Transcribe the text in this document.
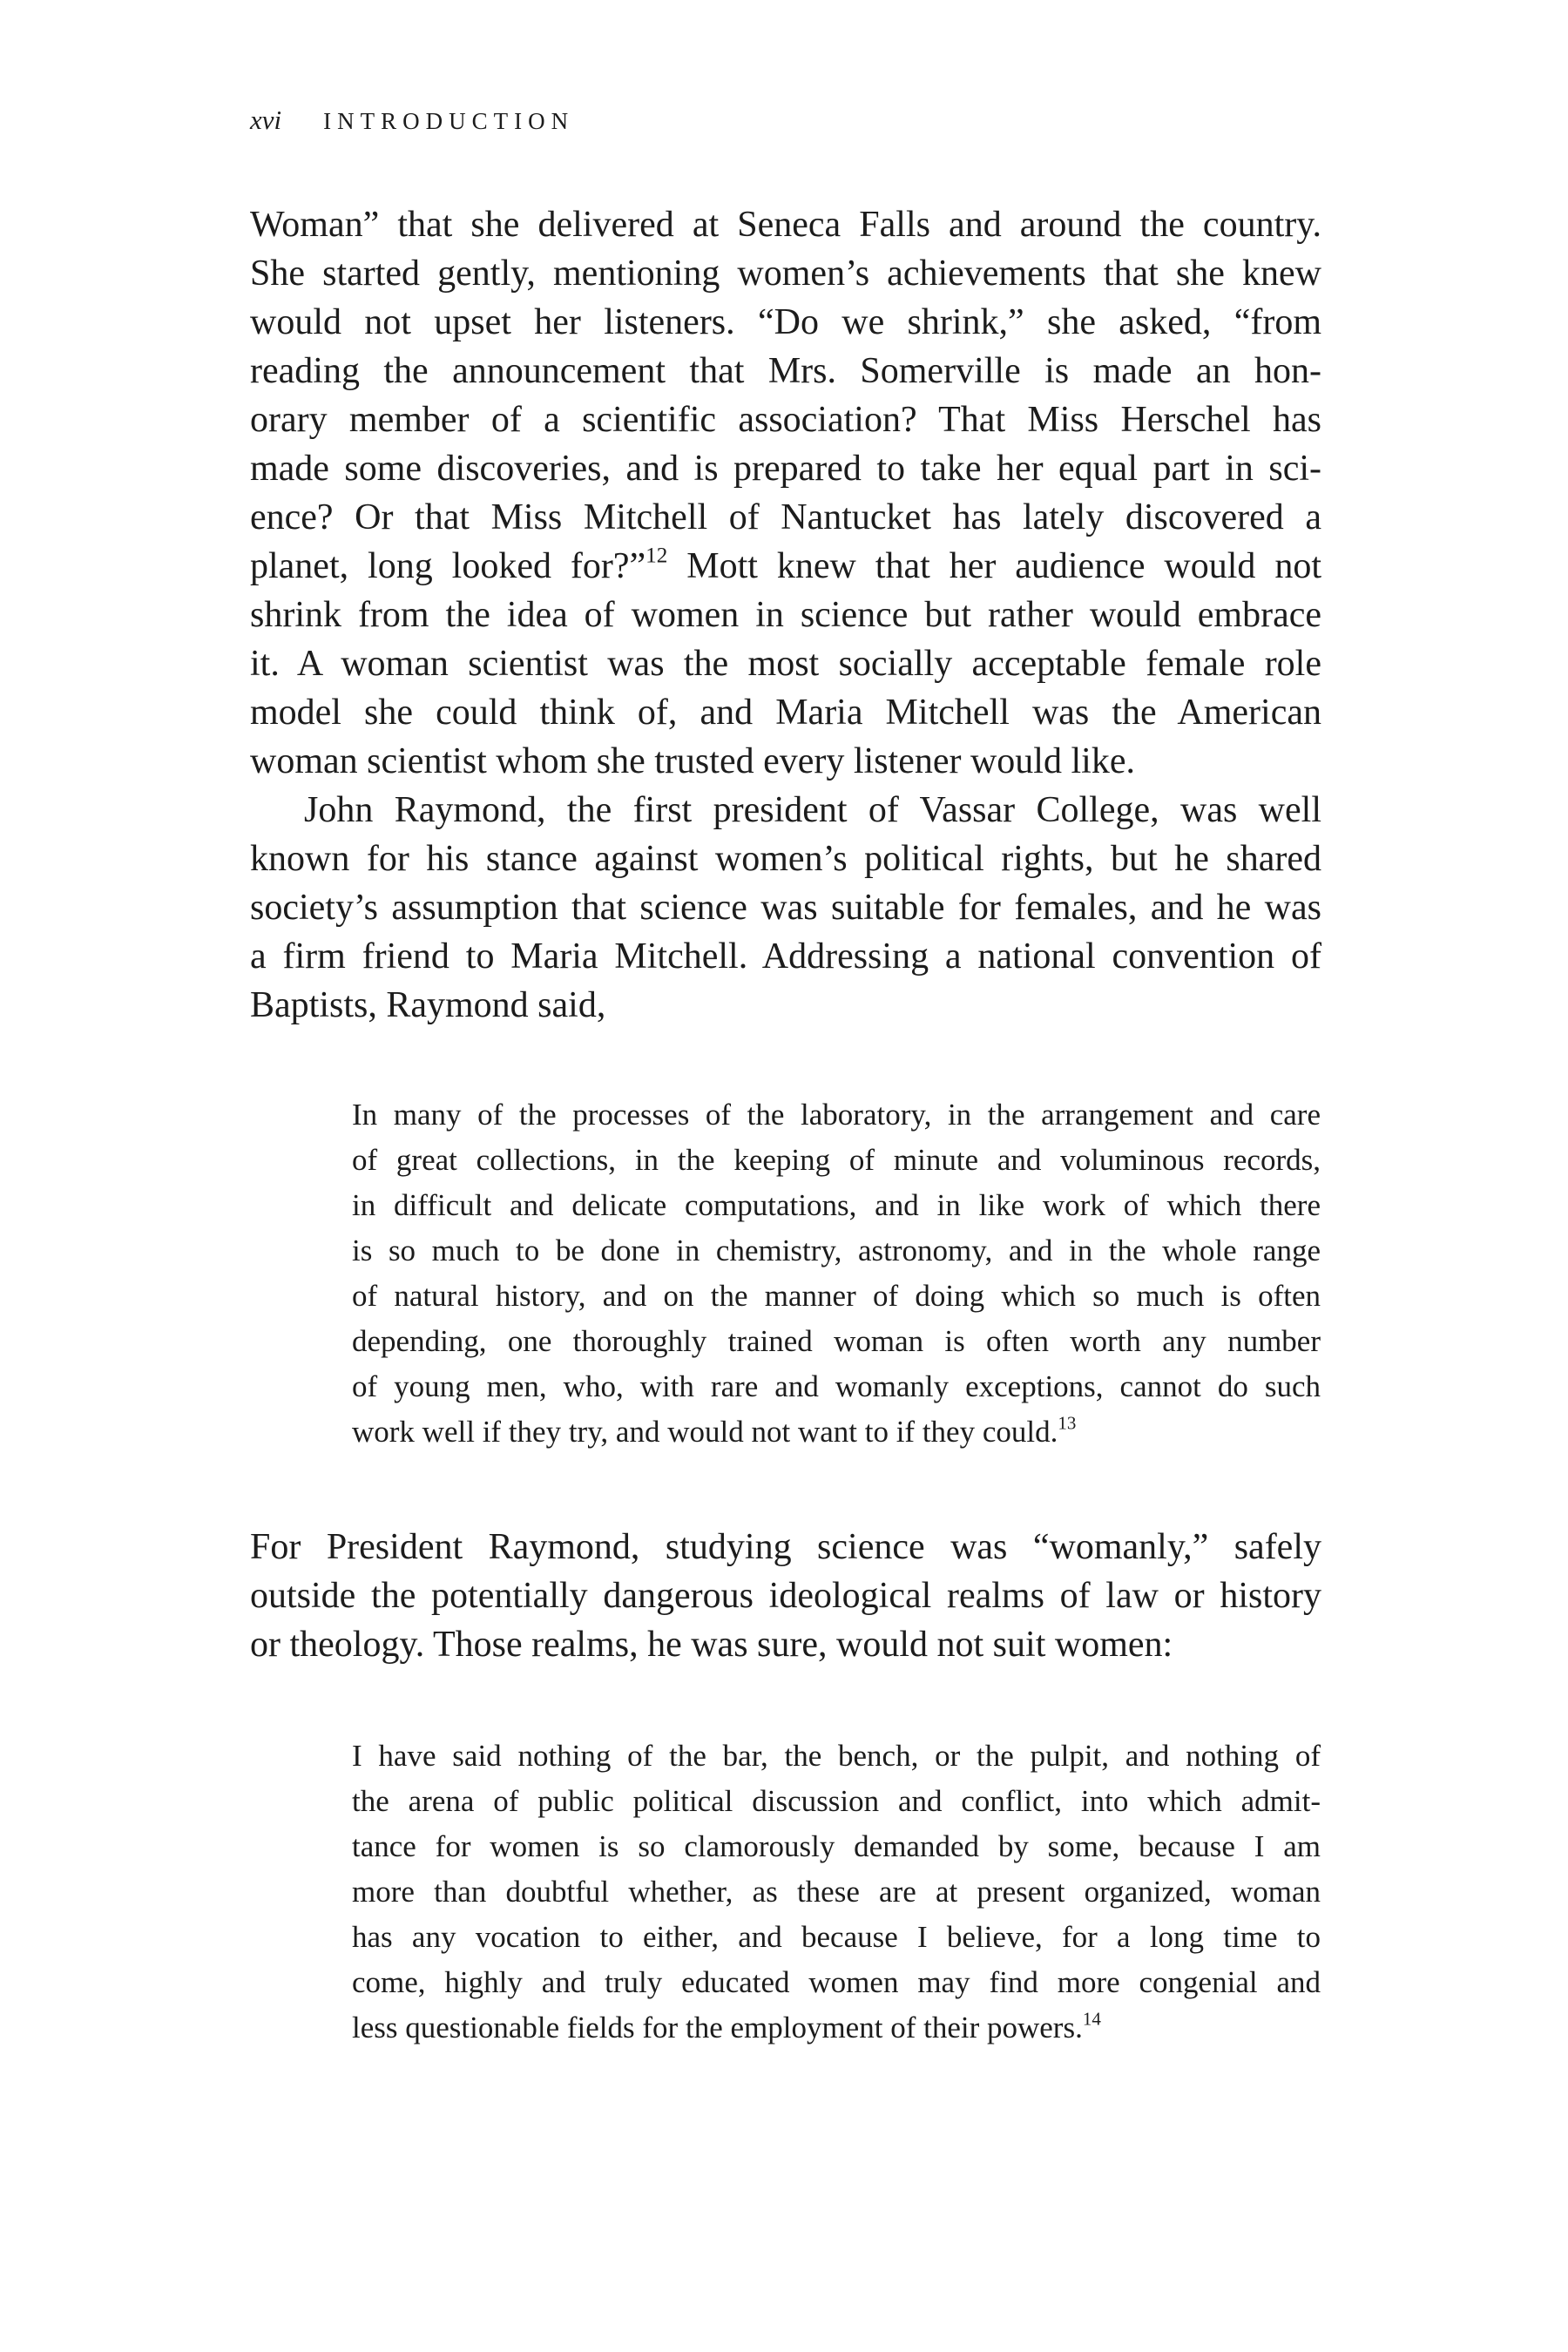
xvi INTRODUCTION
Woman” that she delivered at Seneca Falls and around the country.
She started gently, mentioning women’s achievements that she knew
would not upset her listeners. “Do we shrink,” she asked, “from
reading the announcement that Mrs. Somerville is made an hon-
orary member of a scientific association? That Miss Herschel has
made some discoveries, and is prepared to take her equal part in sci-
ence? Or that Miss Mitchell of Nantucket has lately discovered a
planet, long looked for?”$^{12}$ Mott knew that her audience would not
shrink from the idea of women in science but rather would embrace
it. A woman scientist was the most socially acceptable female role
model she could think of, and Maria Mitchell was the American
woman scientist whom she trusted every listener would like.
John Raymond, the first president of Vassar College, was well
known for his stance against women’s political rights, but he shared
society’s assumption that science was suitable for females, and he was
a firm friend to Maria Mitchell. Addressing a national convention of
Baptists, Raymond said,
In many of the processes of the laboratory, in the arrangement and care
of great collections, in the keeping of minute and voluminous records,
in difficult and delicate computations, and in like work of which there
is so much to be done in chemistry, astronomy, and in the whole range
of natural history, and on the manner of doing which so much is often
depending, one thoroughly trained woman is often worth any number
of young men, who, with rare and womanly exceptions, cannot do such
work well if they try, and would not want to if they could.$^{13}$
For President Raymond, studying science was “womanly,” safely
outside the potentially dangerous ideological realms of law or history
or theology. Those realms, he was sure, would not suit women:
I have said nothing of the bar, the bench, or the pulpit, and nothing of
the arena of public political discussion and conflict, into which admit-
tance for women is so clamorously demanded by some, because I am
more than doubtful whether, as these are at present organized, woman
has any vocation to either, and because I believe, for a long time to
come, highly and truly educated women may find more congenial and
less questionable fields for the employment of their powers.$^{14}$
